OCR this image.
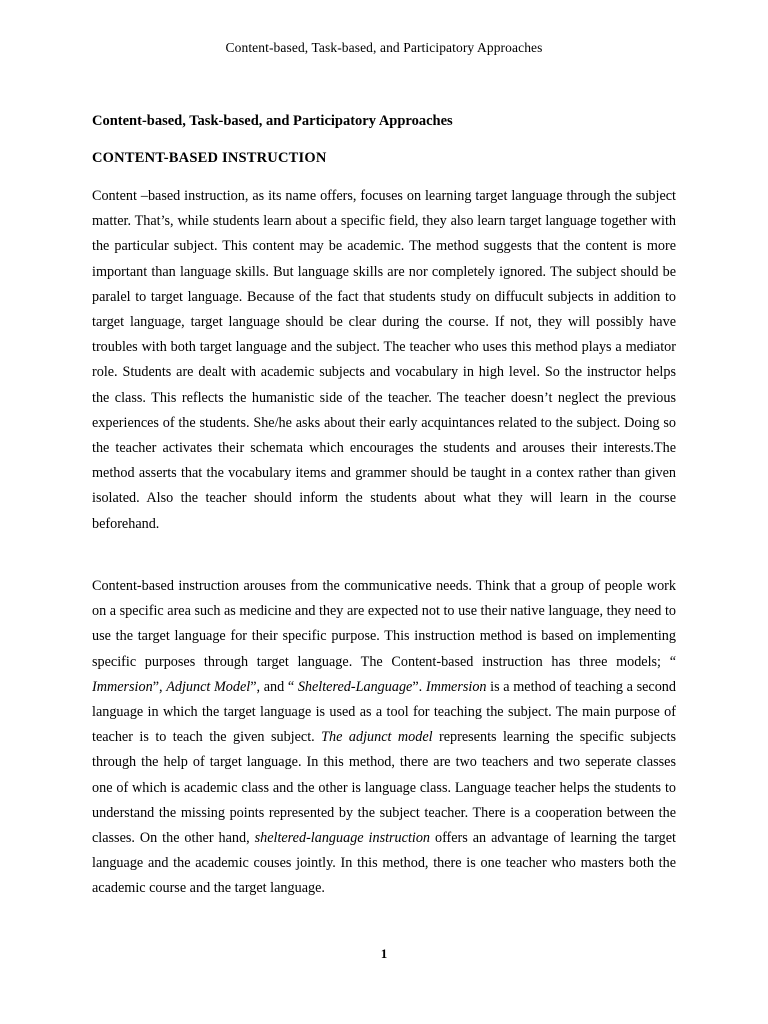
Content-based, Task-based, and Participatory Approaches
Content-based, Task-based, and Participatory Approaches
CONTENT-BASED INSTRUCTION

Content –based instruction, as its name offers, focuses on learning target language through the subject matter. That’s, while students learn about a specific field, they also learn target language together with the particular subject. This content may be academic. The method suggests that the content is more important than language skills. But language skills are nor completely ignored. The subject should be paralel to target language. Because of the fact that students study on diffucult subjects in addition to target language, target language should be clear during the course. If not, they will possibly have troubles with both target language and the subject. The teacher who uses this method plays a mediator role. Students are dealt with academic subjects and vocabulary in high level. So the instructor helps the class. This reflects the humanistic side of the teacher. The teacher doesn’t neglect the previous experiences of the students. She/he asks about their early acquintances related to the subject. Doing so the teacher activates their schemata which encourages the students and arouses their interests.The method asserts that the vocabulary items and grammer should be taught in a contex rather than given isolated. Also the teacher should inform the students about what they will learn in the course beforehand.

Content-based instruction arouses from the communicative needs. Think that a group of people work on a specific area such as medicine and they are expected not to use their native language, they need to use the target language for their specific purpose. This instruction method is based on implementing specific purposes through target language. The Content-based instruction has three models; “ Immersion”, Adjunct Model”, and “ Sheltered-Language”. Immersion is a method of teaching a second language in which the target language is used as a tool for teaching the subject. The main purpose of teacher is to teach the given subject. The adjunct model represents learning the specific subjects through the help of target language. In this method, there are two teachers and two seperate classes one of which is academic class and the other is language class. Language teacher helps the students to understand the missing points represented by the subject teacher. There is a cooperation between the classes. On the other hand, sheltered-language instruction offers an advantage of learning the target language and the academic couses jointly. In this method, there is one teacher who masters both the academic course and the target language.

1
